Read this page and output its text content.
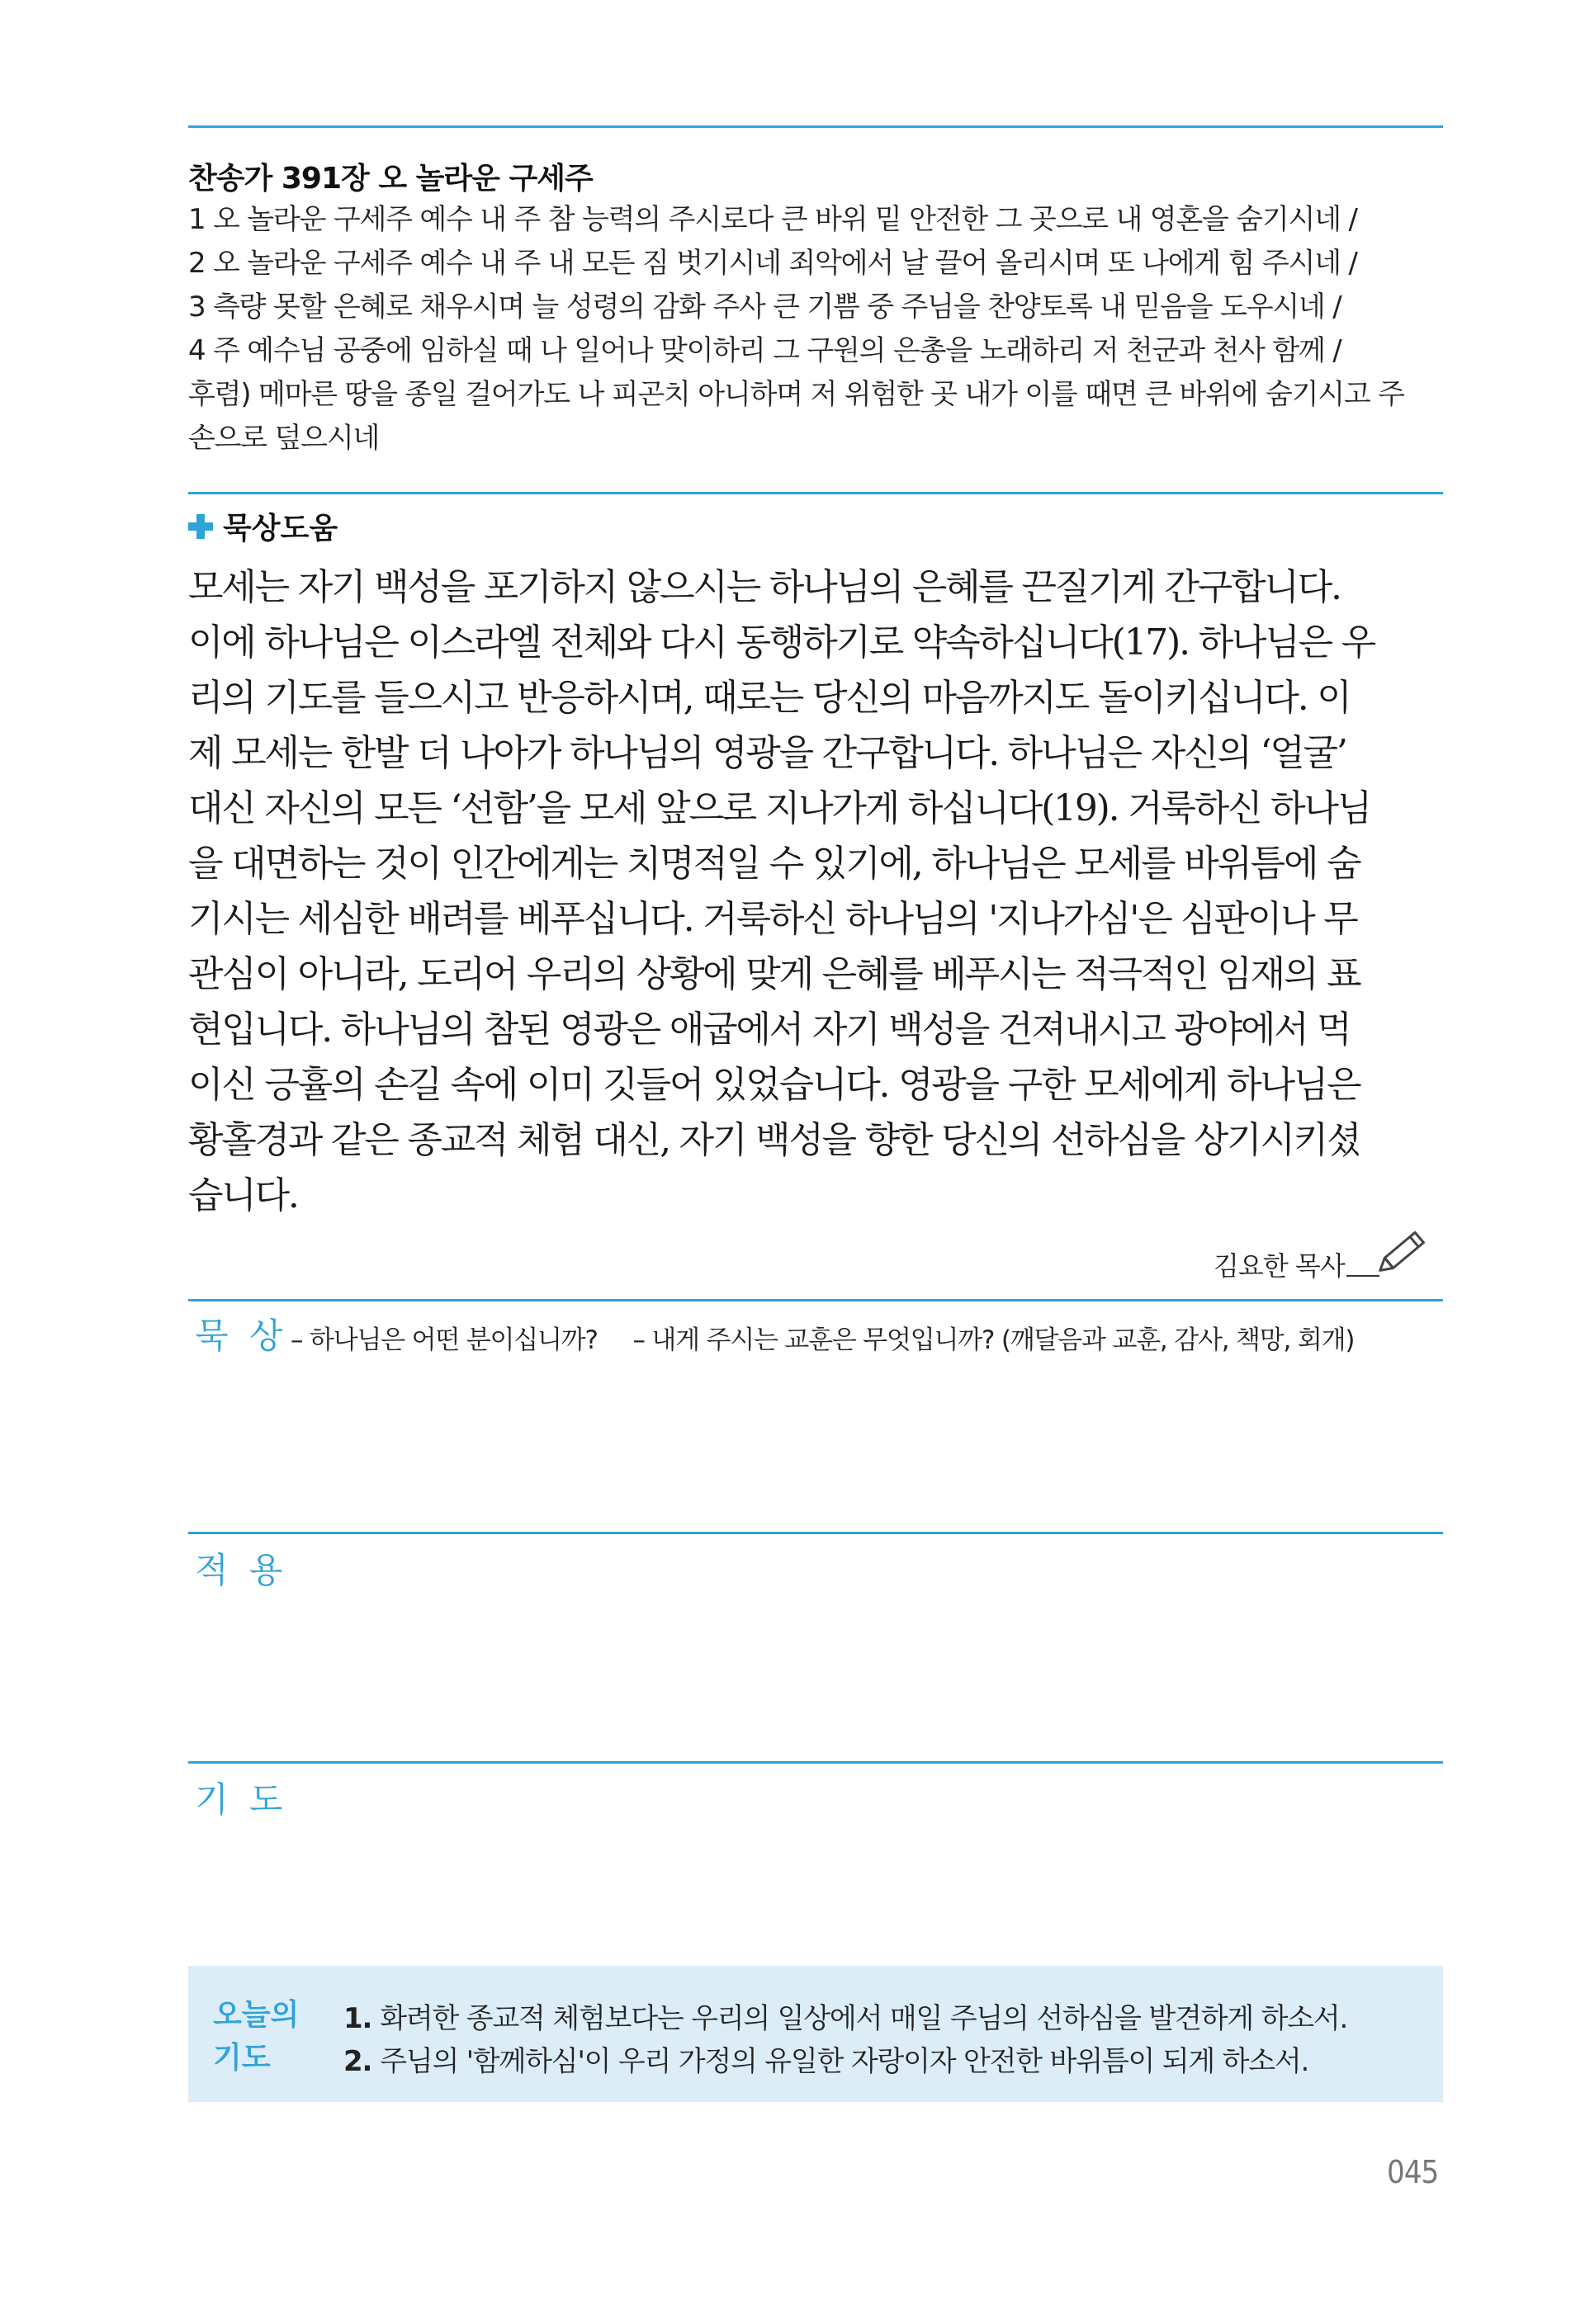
찬송가 391장 오 놀라운 구세주
1 오 놀라운 구세주 예수 내 주 참 능력의 주시로다 큰 바위 밑 안전한 그 곳으로 내 영혼을 숨기시네 /
2 오 놀라운 구세주 예수 내 주 내 모든 짐 벗기시네 죄악에서 날 끌어 올리시며 또 나에게 힘 주시네 /
3 측량 못할 은혜로 채우시며 늘 성령의 감화 주사 큰 기쁨 중 주님을 찬양토록 내 믿음을 도우시네 /
4 주 예수님 공중에 임하실 때 나 일어나 맞이하리 그 구원의 은총을 노래하리 저 천군과 천사 함께 /
후렴) 메마른 땅을 종일 걸어가도 나 피곤치 아니하며 저 위험한 곳 내가 이를 때면 큰 바위에 숨기시고 주
손으로 덮으시네
묵상도움
모세는 자기 백성을 포기하지 않으시는 하나님의 은혜를 끈질기게 간구합니다.
이에 하나님은 이스라엘 전체와 다시 동행하기로 약속하십니다(17). 하나님은 우
리의 기도를 들으시고 반응하시며, 때로는 당신의 마음까지도 돌이키십니다. 이
제 모세는 한발 더 나아가 하나님의 영광을 간구합니다. 하나님은 자신의 ‘얼굴’
대신 자신의 모든 ‘선함’을 모세 앞으로 지나가게 하십니다(19). 거룩하신 하나님
을 대면하는 것이 인간에게는 치명적일 수 있기에, 하나님은 모세를 바위틈에 숨
기시는 세심한 배려를 베푸십니다. 거룩하신 하나님의 '지나가심'은 심판이나 무
관심이 아니라, 도리어 우리의 상황에 맞게 은혜를 베푸시는 적극적인 임재의 표
현입니다. 하나님의 참된 영광은 애굽에서 자기 백성을 건져내시고 광야에서 먹
이신 긍휼의 손길 속에 이미 깃들어 있었습니다. 영광을 구한 모세에게 하나님은
황홀경과 같은 종교적 체험 대신, 자기 백성을 향한 당신의 선하심을 상기시키셨
습니다.
김요한 목사
묵 상 – 하나님은 어떤 분이십니까? – 내게 주시는 교훈은 무엇입니까? (깨달음과 교훈, 감사, 책망, 회개)
적 용
기 도
오늘의
기도
1. 화려한 종교적 체험보다는 우리의 일상에서 매일 주님의 선하심을 발견하게 하소서.
2. 주님의 '함께하심'이 우리 가정의 유일한 자랑이자 안전한 바위틈이 되게 하소서.
045
